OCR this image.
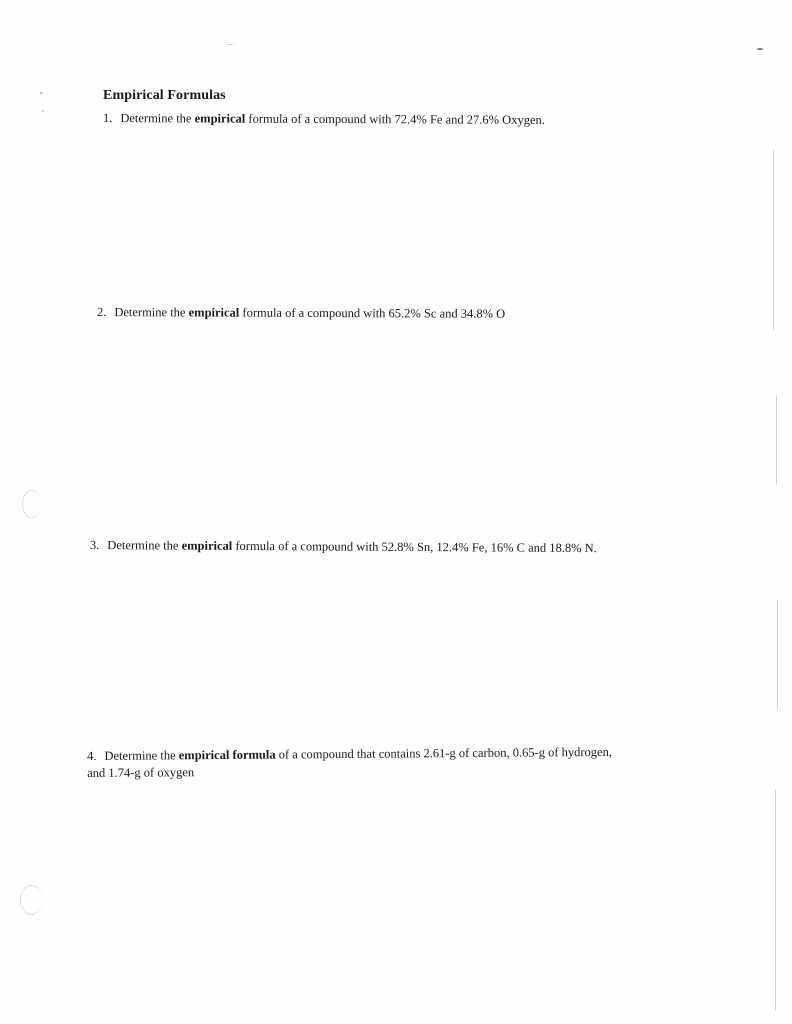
Empirical Formulas
1. Determine the empirical formula of a compound with 72.4% Fe and 27.6% Oxygen.
2. Determine the empirical formula of a compound with 65.2% Sc and 34.8% O
3. Determine the empirical formula of a compound with 52.8% Sn, 12.4% Fe, 16% C and 18.8% N.
4. Determine the empirical formula of a compound that contains 2.61-g of carbon, 0.65-g of hydrogen,
and 1.74-g of oxygen
